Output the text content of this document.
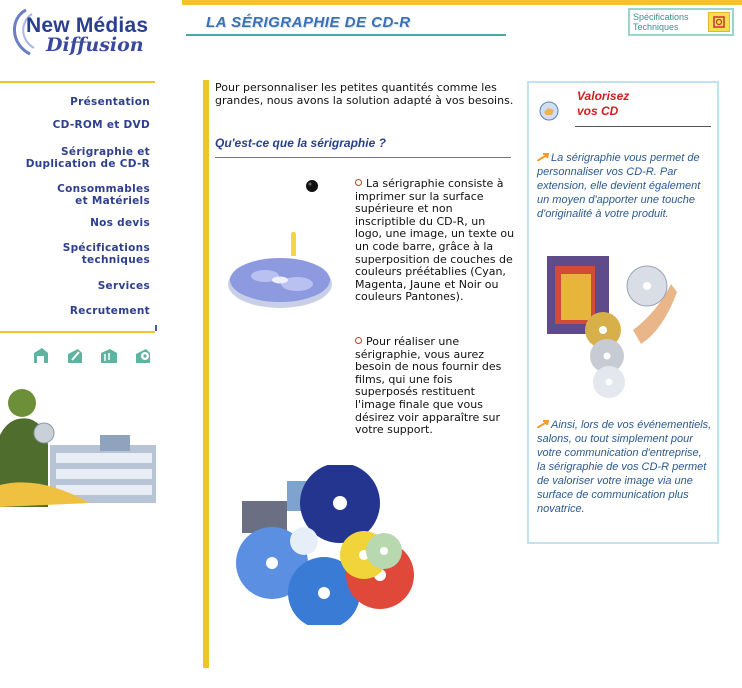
New Médias
Diffusion
LA SÉRIGRAPHIE DE CD-R	Spécifications
Techniques
Présentation
CD-ROM et DVD
Sérigraphie et
Duplication de CD-R
Consommables
et Matériels
Nos devis
Spécifications
techniques
Services
Recrutement

Pour personnaliser les petites quantités comme les grandes, nous avons la solution adapté à vos besoins.

Qu'est-ce que la sérigraphie ?

La sérigraphie consiste à imprimer sur la surface supérieure et non inscriptible du CD-R, un logo, une image, un texte ou un code barre, grâce à la superposition de couches de couleurs préétablies (Cyan, Magenta, Jaune et Noir ou couleurs Pantones).

Pour réaliser une sérigraphie, vous aurez besoin de nous fournir des films, qui une fois superposés restituent l'image finale que vous désirez voir apparaître sur votre support.

Valorisez
vos CD

La sérigraphie vous permet de personnaliser vos CD-R. Par extension, elle devient également un moyen d'apporter une touche d'originalité à votre produit.

Ainsi, lors de vos événementiels, salons, ou tout simplement pour votre communication d'entreprise, la sérigraphie de vos CD-R permet de valoriser votre image via une surface de communication plus novatrice.
